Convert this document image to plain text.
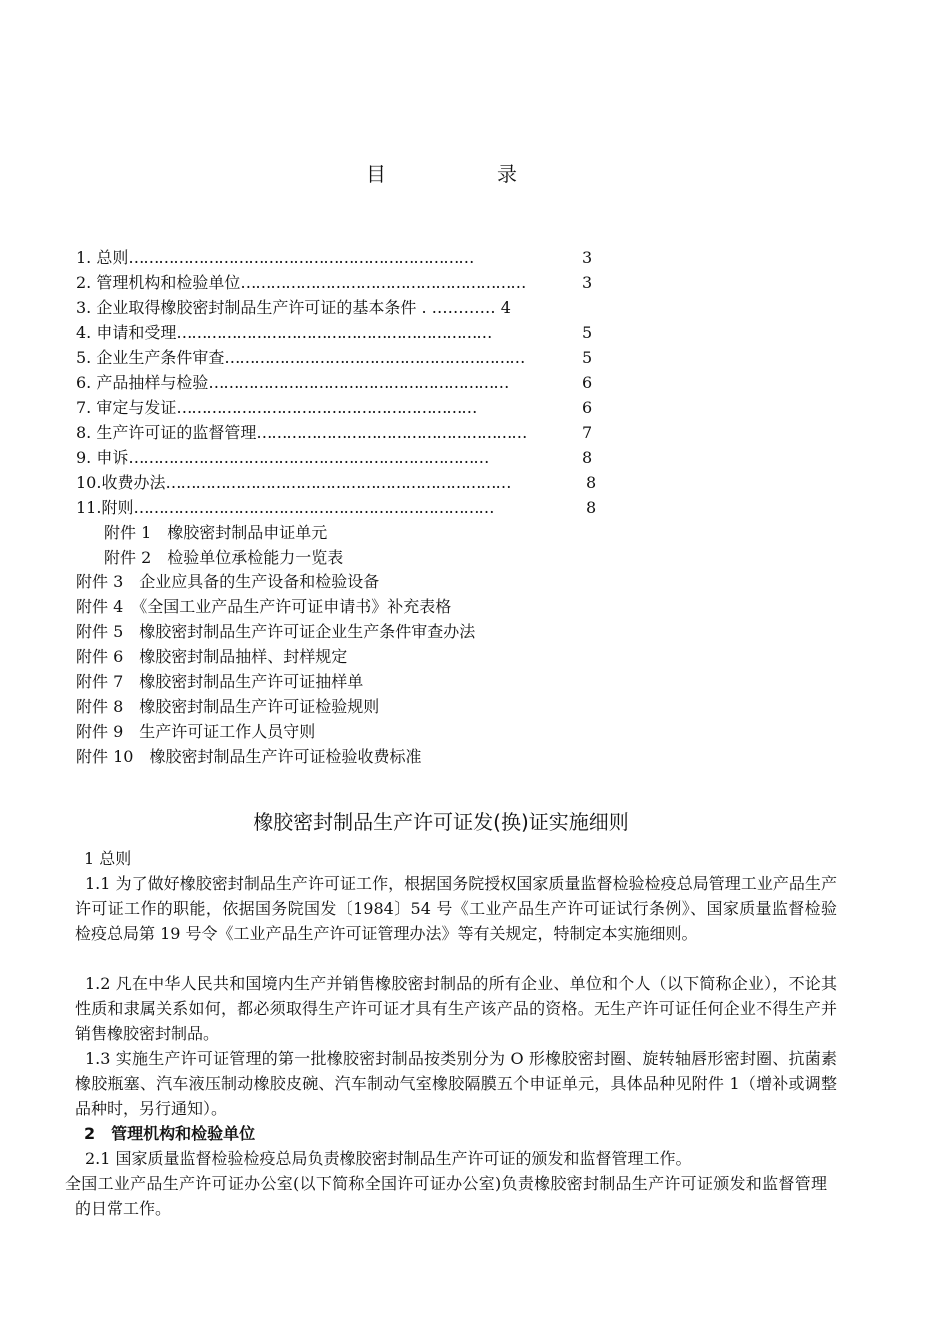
目	录
1. 总则……………………………………………………………	3
2. 管理机构和检验单位…………………………………………………	3
3. 企业取得橡胶密封制品生产许可证的基本条件 . ………… 4
4. 申请和受理………………………………………………………	5
5. 企业生产条件审查……………………………………………………	5
6. 产品抽样与检验……………………………………………………	6
7. 审定与发证……………………………………………………	6
8. 生产许可证的监督管理………………………………………………	7
9. 申诉………………………………………………………………	8
10.收费办法……………………………………………………………	8
11.附则………………………………………………………………	8
附件 1　橡胶密封制品申证单元
附件 2　检验单位承检能力一览表
附件 3　企业应具备的生产设备和检验设备
附件 4　《全国工业产品生产许可证申请书》补充表格
附件 5　橡胶密封制品生产许可证企业生产条件审查办法
附件 6　橡胶密封制品抽样、封样规定
附件 7　橡胶密封制品生产许可证抽样单
附件 8　橡胶密封制品生产许可证检验规则
附件 9　生产许可证工作人员守则
附件 10　橡胶密封制品生产许可证检验收费标准
橡胶密封制品生产许可证发(换)证实施细则
1 总则
1.1 为了做好橡胶密封制品生产许可证工作，根据国务院授权国家质量监督检验检疫总局管理工业产品生产许可证工作的职能，依据国务院国发〔1984〕54 号《工业产品生产许可证试行条例》、国家质量监督检验检疫总局第 19 号令《工业产品生产许可证管理办法》等有关规定，特制定本实施细则。
1.2 凡在中华人民共和国境内生产并销售橡胶密封制品的所有企业、单位和个人（以下简称企业），不论其性质和隶属关系如何，都必须取得生产许可证才具有生产该产品的资格。无生产许可证任何企业不得生产并销售橡胶密封制品。
1.3 实施生产许可证管理的第一批橡胶密封制品按类别分为 O 形橡胶密封圈、旋转轴唇形密封圈、抗菌素橡胶瓶塞、汽车液压制动橡胶皮碗、汽车制动气室橡胶隔膜五个申证单元，具体品种见附件 1（增补或调整品种时，另行通知）。
2　管理机构和检验单位
2.1 国家质量监督检验检疫总局负责橡胶密封制品生产许可证的颁发和监督管理工作。
全国工业产品生产许可证办公室(以下简称全国许可证办公室)负责橡胶密封制品生产许可证颁发和监督管理的日常工作。
